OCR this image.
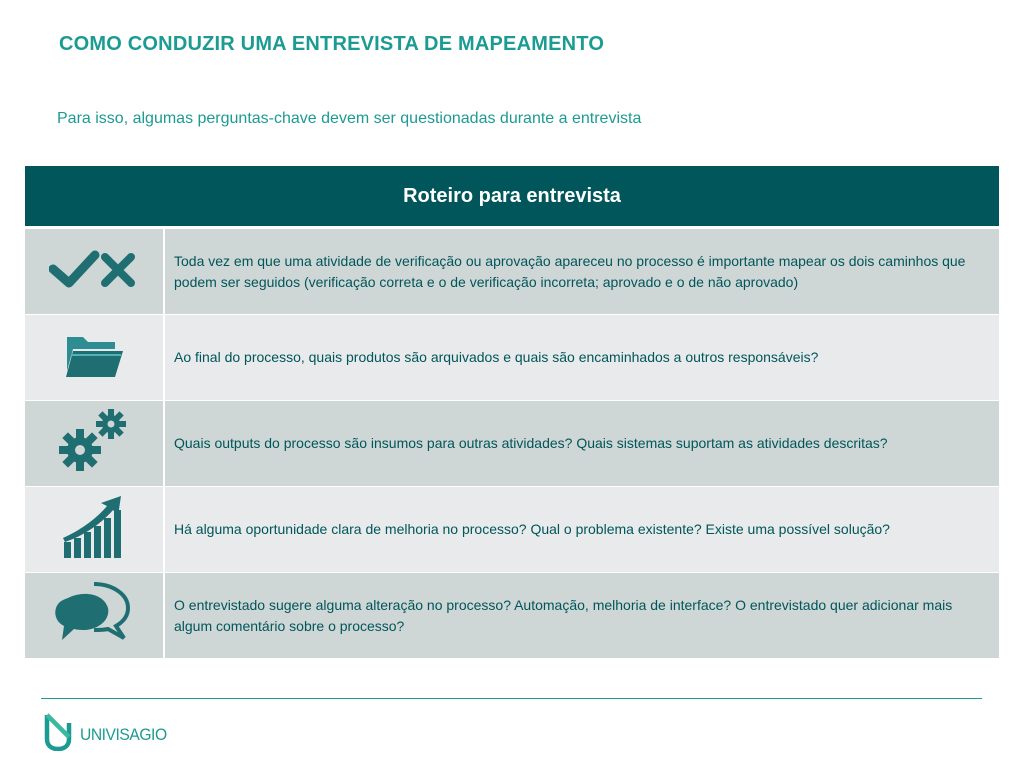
COMO CONDUZIR UMA ENTREVISTA DE MAPEAMENTO
Para isso, algumas perguntas-chave devem ser questionadas durante a entrevista
Roteiro para entrevista
Toda vez em que uma atividade de verificação ou aprovação apareceu no processo é importante mapear os dois caminhos que podem ser seguidos (verificação correta e o de verificação incorreta; aprovado e o de não aprovado)
Ao final do processo, quais produtos são arquivados e quais são encaminhados a outros responsáveis?
Quais outputs do processo são insumos para outras atividades? Quais sistemas suportam as atividades descritas?
Há alguma oportunidade clara de melhoria no processo? Qual o problema existente? Existe uma possível solução?
O entrevistado sugere alguma alteração no processo? Automação, melhoria de interface? O entrevistado quer adicionar mais algum comentário sobre o processo?
UNIVISAGIO
